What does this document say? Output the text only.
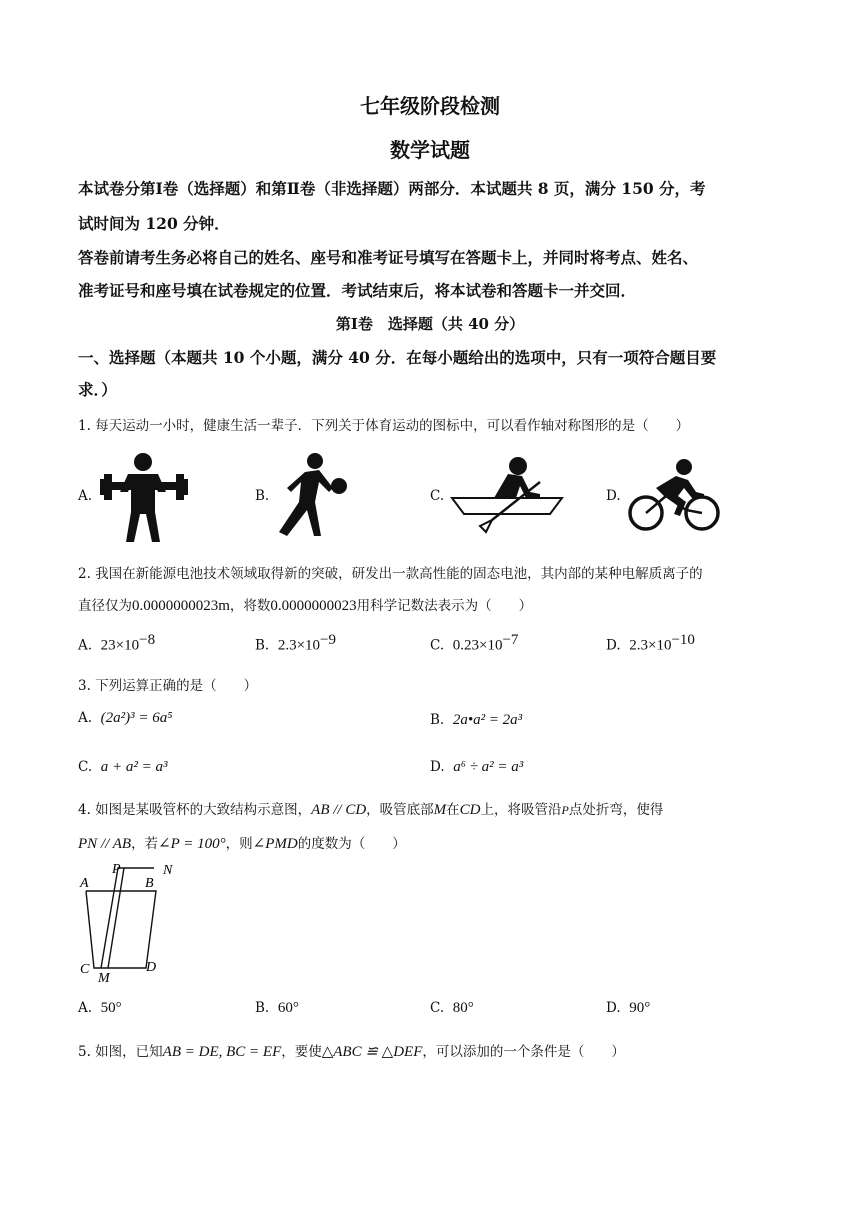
七年级阶段检测
数学试题
本试卷分第Ⅰ卷（选择题）和第Ⅱ卷（非选择题）两部分．本试题共 8 页，满分 150 分，考
试时间为 120 分钟．
答卷前请考生务必将自己的姓名、座号和准考证号填写在答题卡上，并同时将考点、姓名、
准考证号和座号填在试卷规定的位置．考试结束后，将本试卷和答题卡一并交回．
第Ⅰ卷　选择题（共 40 分）
一、选择题（本题共 10 个小题，满分 40 分．在每小题给出的选项中，只有一项符合题目要
求．）
1. 每天运动一小时，健康生活一辈子．下列关于体育运动的图标中，可以看作轴对称图形的是（　　）
A.	B.	C.	D.
2. 我国在新能源电池技术领域取得新的突破，研发出一款高性能的固态电池，其内部的某种电解质离子的
直径仅为0.0000000023m，将数0.0000000023用科学记数法表示为（　　）
A. $23\times 10^{-8}$	B. $2.3\times 10^{-9}$	C. $0.23\times 10^{-7}$	D. $2.3\times 10^{-10}$
3. 下列运算正确的是（　　）
A. (2a²)³ = 6a⁵	B. 2a•a² = 2a³
C. a + a² = a³	D. a⁶ ÷ a² = a³
4. 如图是某吸管杯的大致结构示意图，AB // CD，吸管底部M在CD上，将吸管沿P点处折弯，使得
PN // AB，若∠P = 100°，则∠PMD的度数为（　　）
P	N
A	B
C
M
D
A. 50°	B. 60°	C. 80°	D. 90°
5. 如图，已知AB = DE, BC = EF，要使△ABC ≌ △DEF，可以添加的一个条件是（　　）
